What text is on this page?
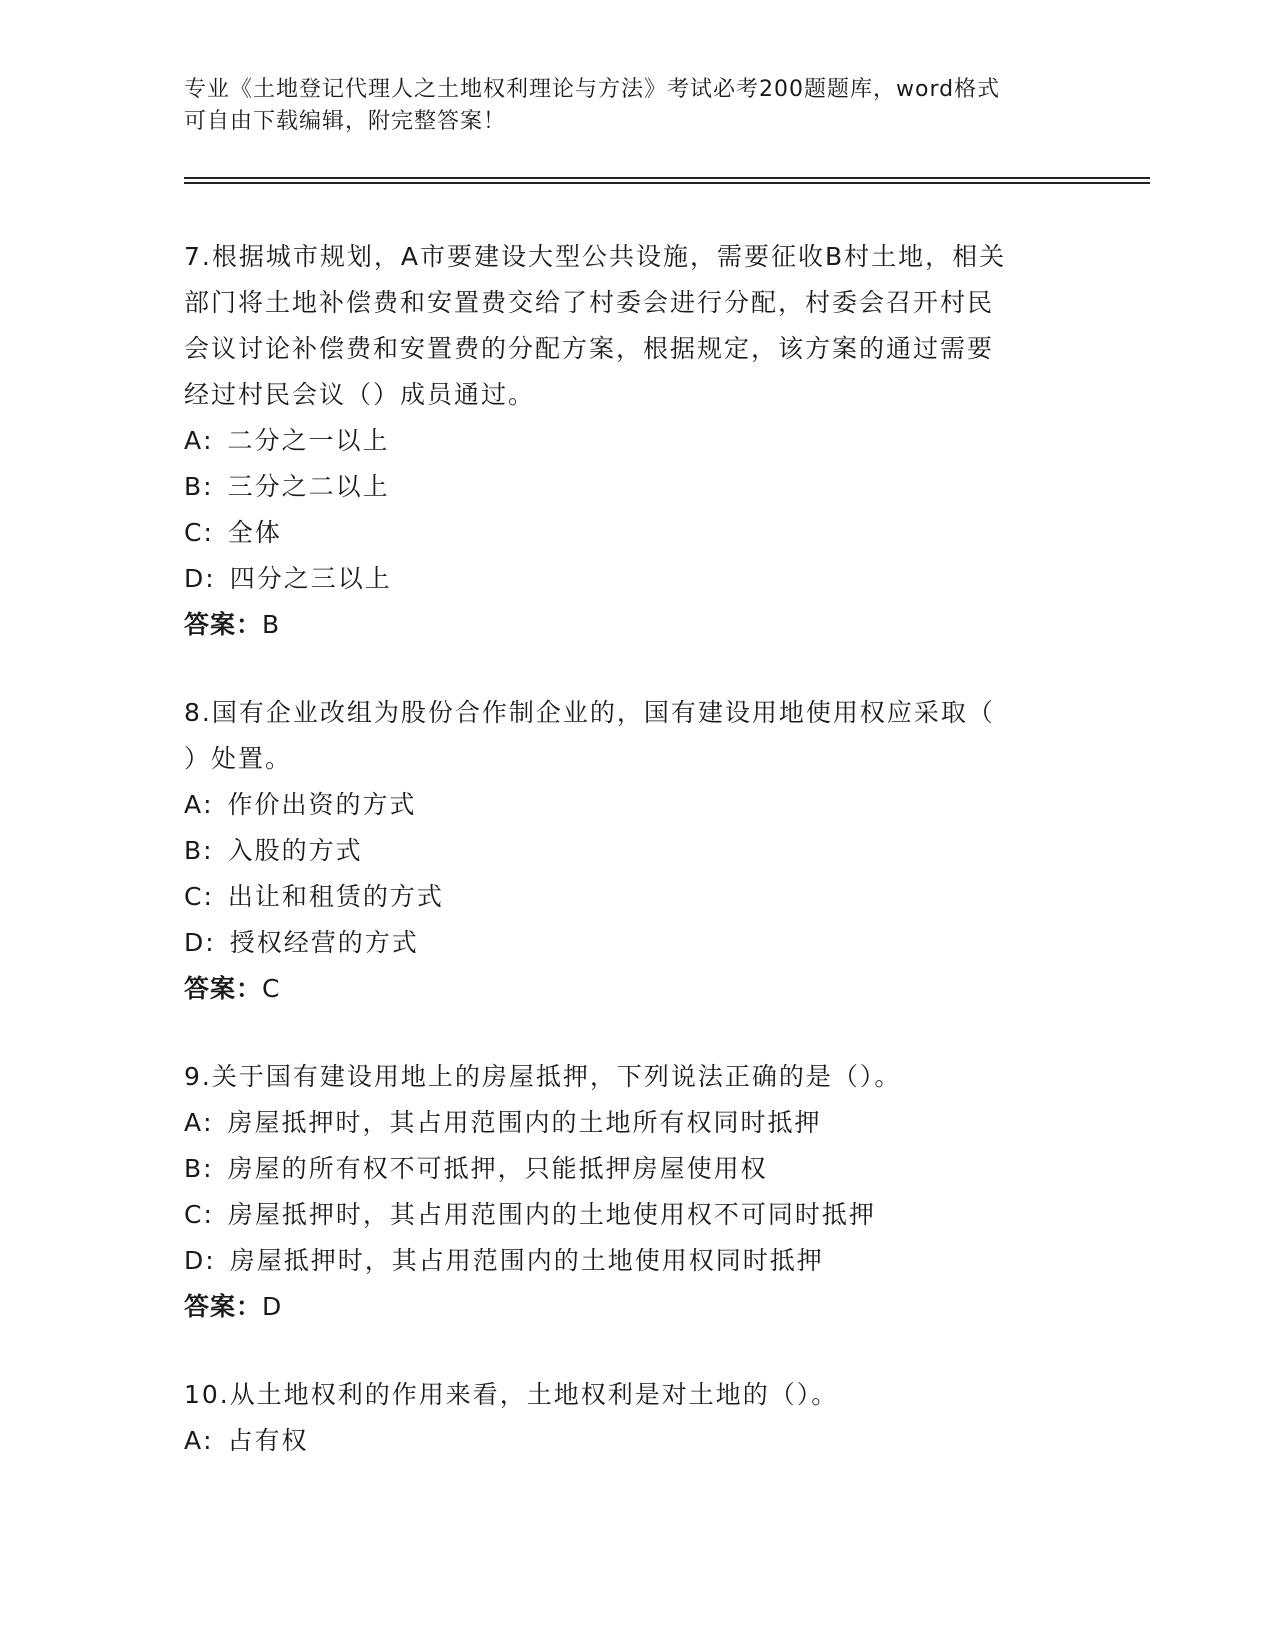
专业《土地登记代理人之土地权利理论与方法》考试必考200题题库，word格式
可自由下载编辑，附完整答案！
7.根据城市规划，A市要建设大型公共设施，需要征收B村土地，相关
部门将土地补偿费和安置费交给了村委会进行分配，村委会召开村民
会议讨论补偿费和安置费的分配方案，根据规定，该方案的通过需要
经过村民会议（）成员通过。
A: 二分之一以上
B: 三分之二以上
C: 全体
D: 四分之三以上
答案：B
8.国有企业改组为股份合作制企业的，国有建设用地使用权应采取（
）处置。
A: 作价出资的方式
B: 入股的方式
C: 出让和租赁的方式
D: 授权经营的方式
答案：C
9.关于国有建设用地上的房屋抵押，下列说法正确的是（）。
A: 房屋抵押时，其占用范围内的土地所有权同时抵押
B: 房屋的所有权不可抵押，只能抵押房屋使用权
C: 房屋抵押时，其占用范围内的土地使用权不可同时抵押
D: 房屋抵押时，其占用范围内的土地使用权同时抵押
答案：D
10.从土地权利的作用来看，土地权利是对土地的（）。
A: 占有权
